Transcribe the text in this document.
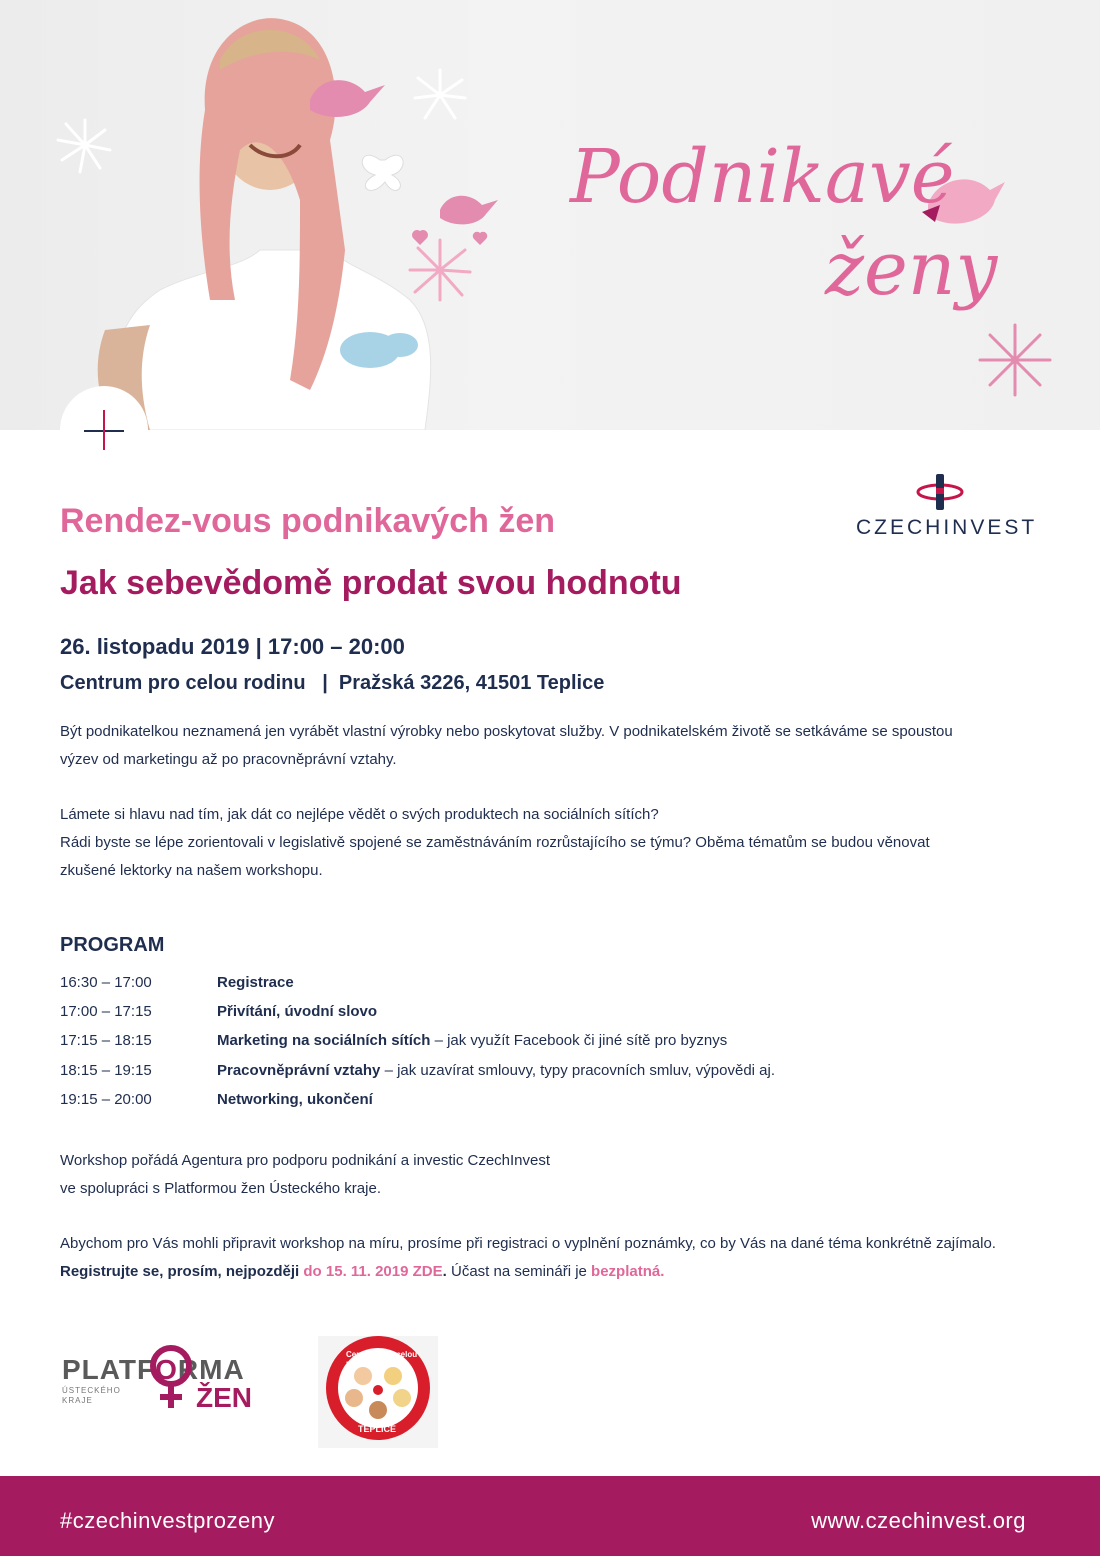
Podnikavé
ženy
CZECHINVEST
Rendez-vous podnikavých žen
Jak sebevědomě prodat svou hodnotu
26. listopadu 2019 | 17:00 – 20:00
Centrum pro celou rodinu   |  Pražská 3226, 41501 Teplice

Být podnikatelkou neznamená jen vyrábět vlastní výrobky nebo poskytovat služby. V podnikatelském životě se setkáváme se spoustou

výzev od marketingu až po pracovněprávní vztahy.

Lámete si hlavu nad tím, jak dát co nejlépe vědět o svých produktech na sociálních sítích?

Rádi byste se lépe zorientovali v legislativě spojené se zaměstnáváním rozrůstajícího se týmu? Oběma tématům se budou věnovat

zkušené lektorky na našem workshopu.

PROGRAM
16:30 – 17:00	Registrace
17:00 – 17:15	Přivítání, úvodní slovo
17:15 – 18:15	Marketing na sociálních sítích – jak využít Facebook či jiné sítě pro byznys
18:15 – 19:15	Pracovněprávní vztahy – jak uzavírat smlouvy, typy pracovních smluv, výpovědi aj.
19:15 – 20:00	Networking, ukončení

Workshop pořádá Agentura pro podporu podnikání a investic CzechInvest

ve spolupráci s Platformou žen Ústeckého kraje.

Abychom pro Vás mohli připravit workshop na míru, prosíme při registraci o vyplnění poznámky, co by Vás na dané téma konkrétně zajímalo.

Registrujte se, prosím, nejpozději do 15. 11. 2019 ZDE. Účast na semináři je bezplatná.

PLATFORMA
ÚSTECKÉHO
KRAJE	ŽEN
Centrum pro celou rodinu
TEPLICE
#czechinvestprozeny	www.czechinvest.org
